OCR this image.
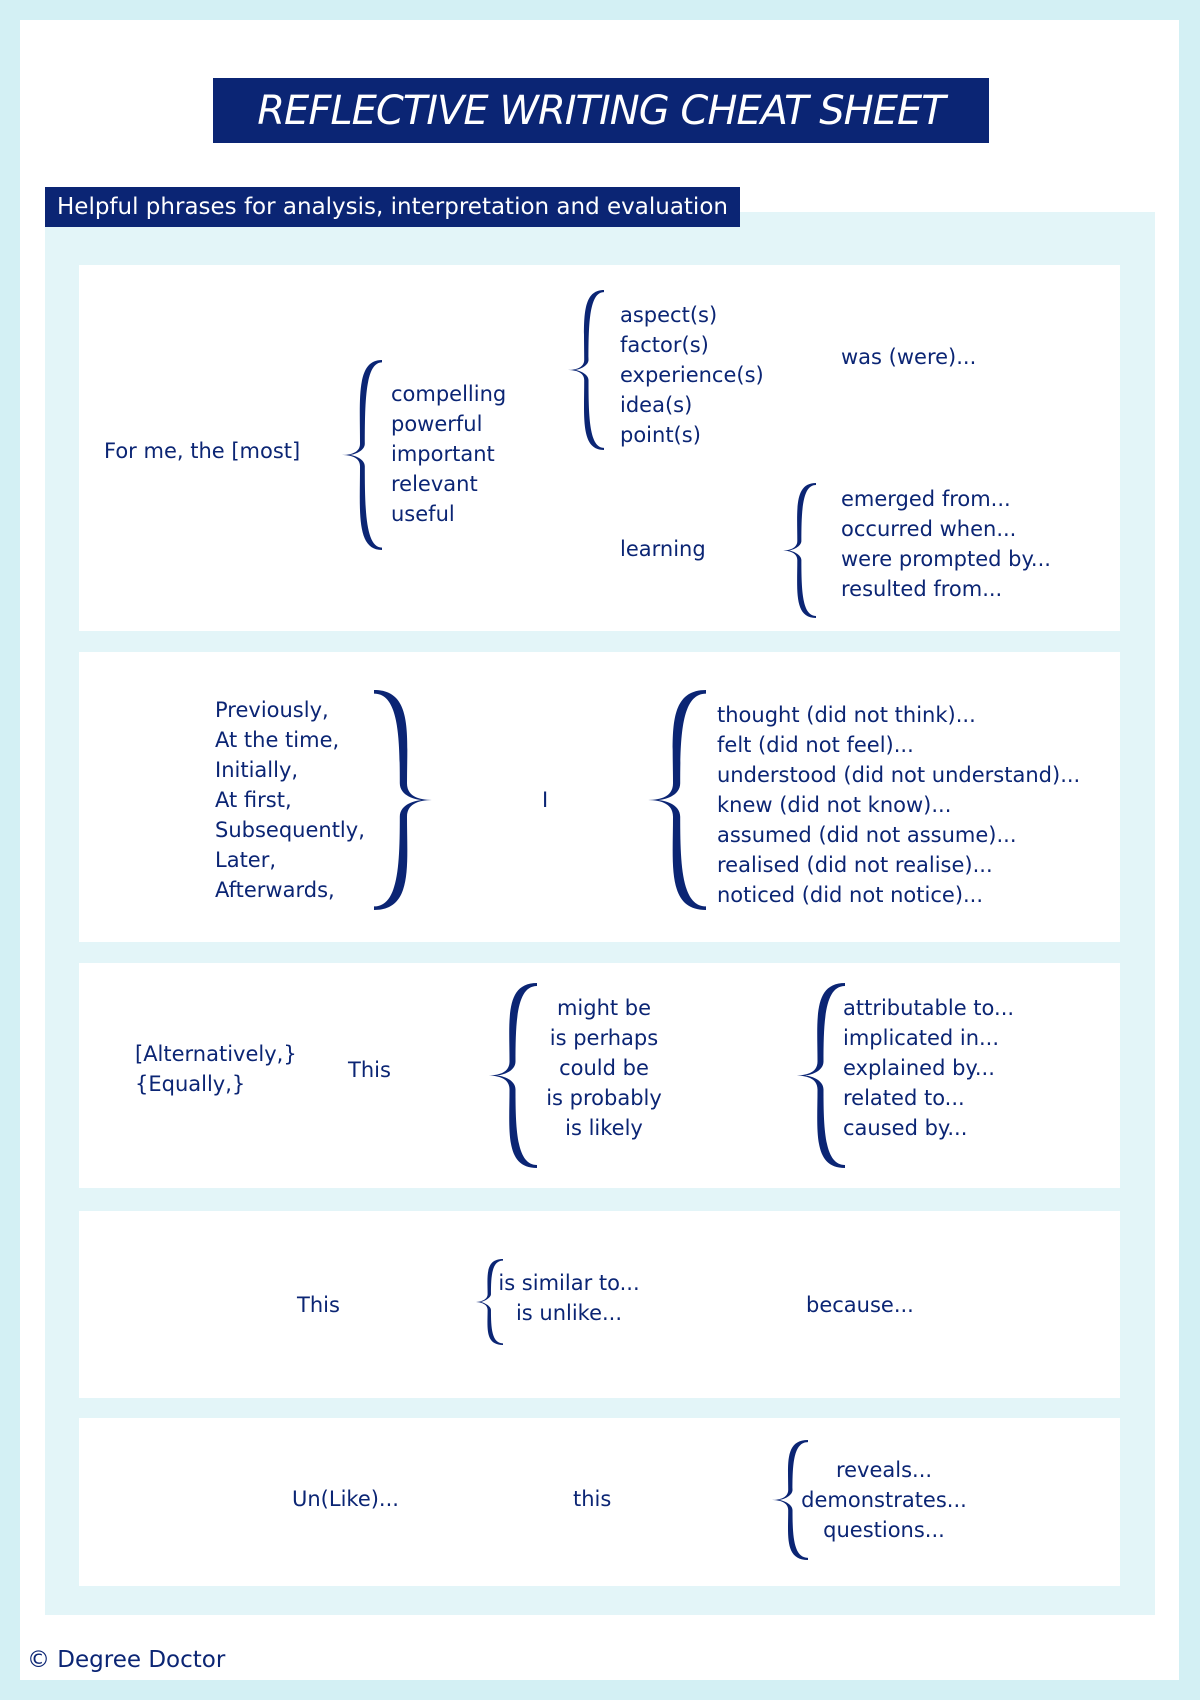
REFLECTIVE WRITING CHEAT SHEET
Helpful phrases for analysis, interpretation and evaluation
For me, the [most]
compelling
powerful
important
relevant
useful
aspect(s)
factor(s)
experience(s)
idea(s)
point(s)
was (were)...
learning
emerged from...
occurred when...
were prompted by...
resulted from...
Previously,
At the time,
Initially,
At first,
Subsequently,
Later,
Afterwards,
I
thought (did not think)...
felt (did not feel)...
understood (did not understand)...
knew (did not know)...
assumed (did not assume)...
realised (did not realise)...
noticed (did not notice)...
[Alternatively,}
{Equally,}
This
might be
is perhaps
could be
is probably
is likely
attributable to...
implicated in...
explained by...
related to...
caused by...
This
is similar to...
is unlike...	because...
Un(Like)...	this
reveals...
demonstrates...
questions...
© Degree Doctor
